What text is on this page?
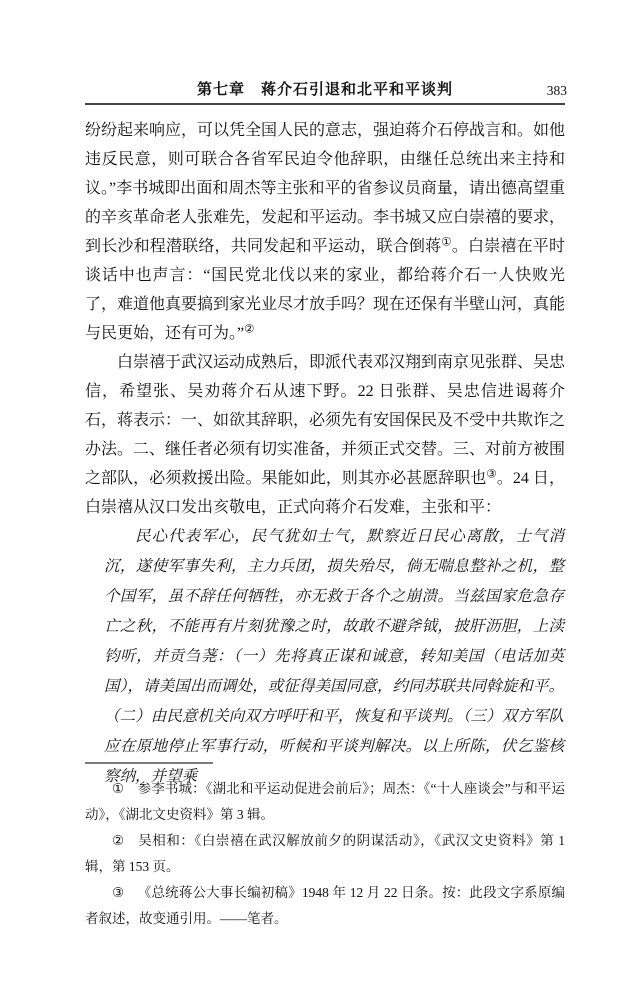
第七章　蒋介石引退和北平和平谈判	383

纷纷起来响应，可以凭全国人民的意志，强迫蒋介石停战言和。如他违反民意，则可联合各省军民迫令他辞职，由继任总统出来主持和议。”李书城即出面和周杰等主张和平的省参议员商量，请出德高望重的辛亥革命老人张难先，发起和平运动。李书城又应白崇禧的要求，到长沙和程潜联络，共同发起和平运动，联合倒蒋①。白崇禧在平时谈话中也声言：“国民党北伐以来的家业，都给蒋介石一人快败光了，难道他真要搞到家光业尽才放手吗？现在还保有半壁山河，真能与民更始，还有可为。”②

白崇禧于武汉运动成熟后，即派代表邓汉翔到南京见张群、吴忠信，希望张、吴劝蒋介石从速下野。22 日张群、吴忠信进谒蒋介石，蒋表示：一、如欲其辞职，必须先有安国保民及不受中共欺诈之办法。二、继任者必须有切实准备，并须正式交替。三、对前方被围之部队，必须救援出险。果能如此，则其亦必甚愿辞职也③。24 日，白崇禧从汉口发出亥敬电，正式向蒋介石发难，主张和平：

民心代表军心，民气犹如士气，默察近日民心离散，士气消沉，遂使军事失利，主力兵团，损失殆尽，倘无喘息整补之机，整个国军，虽不辞任何牺牲，亦无救于各个之崩溃。当兹国家危急存亡之秋，不能再有片刻犹豫之时，故敢不避斧钺，披肝沥胆，上渎钧听，并贡刍荛：（一）先将真正谋和诚意，转知美国（电话加英国），请美国出而调处，或征得美国同意，约同苏联共同斡旋和平。（二）由民意机关向双方呼吁和平，恢复和平谈判。（三）双方军队应在原地停止军事行动，听候和平谈判解决。以上所陈，伏乞鉴核察纳，并望乘

① 参李书城：《湖北和平运动促进会前后》；周杰：《“十人座谈会”与和平运动》，《湖北文史资料》第 3 辑。

② 吴相和：《白崇禧在武汉解放前夕的阴谋活动》，《武汉文史资料》第 1 辑，第 153 页。

③ 《总统蒋公大事长编初稿》1948 年 12 月 22 日条。按：此段文字系原编者叙述，故变通引用。——笔者。
